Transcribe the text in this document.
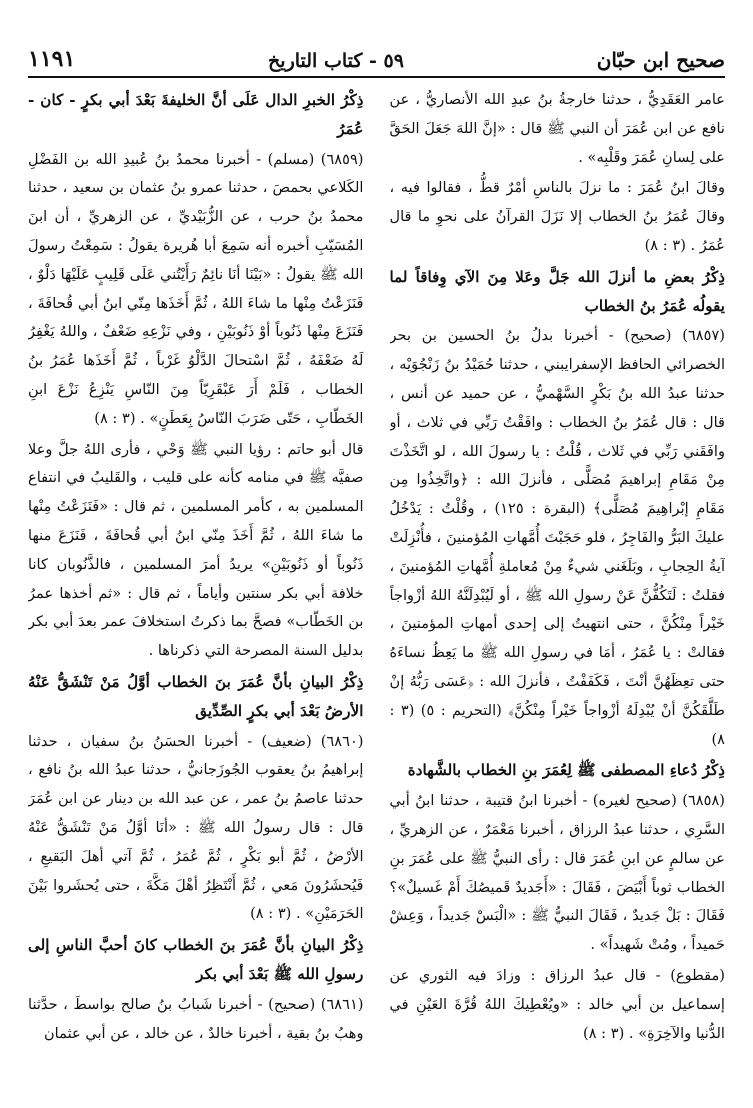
١١٩١	٥٩ - كتاب التاريخ	صحيح ابن حبّان

عامر العَقَدِيُّ ، حدثنا خارجةُ بنُ عبدِ الله الأنصاريُّ ، عن نافع عن ابن عُمَرَ أن النبي ﷺ قال : «إنَّ اللهَ جَعَلَ الحَقَّ على لِسانِ عُمَرَ وقَلْبِه» .

وقالَ ابنُ عُمَرَ : ما نزلَ بالناسِ أمْرٌ قطُّ ، فقالوا فيه ، وقالَ عُمَرُ بنُ الخطاب إلا نَزَلَ القرآنُ على نحوِ ما قال عُمَرُ . (٣ : ٨)

ذِكْرُ بعضِ ما أنزلَ الله جَلَّ وعَلا مِنَ الآي وِفاقاً لما يقولُه عُمَرُ بنُ الخطاب

(٦٨٥٧) (صحيح) - أخبرنا بدلُ بنُ الحسين بن بحر الخصرائي الحافظ الإسفرايبني ، حدثنا حُمَيْدُ بنُ زَنْجُوَيْه ، حدثنا عبدُ الله بنُ بَكْرٍ السَّهْميُّ ، عن حميد عن أنس ، قال : قال عُمَرُ بنُ الخطاب : وافَقْتُ رَبِّي في ثلاث ، أو وافَقَني رَبِّي في ثَلاث ، قُلْتُ : يا رسولَ الله ، لو اتَّخَذْتَ مِنْ مَقَامِ إبراهيمَ مُصَلًّى ، فأنزلَ الله : ﴿واتَّخِذُوا مِن مَقَامِ إبْراهِيمَ مُصَلًّى﴾ (البقرة : ١٢٥) ، وقُلْتُ : يَدْخُلُ عليكَ البَرُّ والفَاجِرُ ، فلو حَجَبْتَ أُمَّهاتِ المُؤمنينَ ، فأُنْزِلَتْ آيةُ الحِجابِ ، وبَلَغَني شيءٌ مِنْ مُعاملةِ أُمَّهاتِ المُؤمنينَ ، فقلتُ : لَتَكُفُّنَّ عَنْ رسولِ الله ﷺ ، أو لَيُبْدِلَنَّهُ اللهُ أزْواجاً خَيْراً مِنْكُنَّ ، حتى انتهيتُ إلى إحدى أمهاتِ المؤمنينَ ، فقالتْ : يا عُمَرُ ، أمَا في رسولِ الله ﷺ ما يَعِظُ نساءَهُ حتى تعِظَهُنَّ أنْتَ ، فَكَفَفْتُ ، فأنزلَ الله : ﴿عَسَى رَبُّهُ إنْ طَلَّقَكُنَّ أنْ يُبْدِلَهُ أزْواجاً خَيْراً مِنْكُنَّ﴾ (التحريم : ٥) (٣ : ٨)

ذِكْرُ دُعاءِ المصطفى ﷺ لِعُمَرَ بنِ الخطاب بالشَّهادة

(٦٨٥٨) (صحيح لغيره) - أخبرنا ابنُ قتيبة ، حدثنا ابنُ أبي السَّرِي ، حدثنا عبدُ الرزاق ، أخبرنا مَعْمَرٌ ، عن الزهريِّ ، عن سالمٍ عن ابنِ عُمَرَ قال : رأى النبيُّ ﷺ على عُمَرَ بنِ الخطاب ثوباً أَبْيَضَ ، فَقَالَ : «أَجَديدٌ قَميصُكَ أَمْ غَسيلٌ»؟ فَقَالَ : بَلْ جَديدٌ ، فَقَالَ النبيُّ ﷺ : «الْبَسْ جَديداً ، وَعِشْ حَميداً ، ومُتْ شَهيداً» .

(مقطوع) - قال عبدُ الرزاق : وزادَ فيه الثوري عن إسماعيل بن أبي خالد : «ويُعْطِيكَ اللهُ قُرَّةَ العَيْنِ في الدُّنيا والآخِرَةِ» . (٣ : ٨)

ذِكْرُ الخبرِ الدال عَلَى أنَّ الخليفةَ بَعْدَ أبي بكرٍ - كان - عُمَرُ

(٦٨٥٩) (مسلم) - أخبرنا محمدُ بنُ عُبيدِ الله بن الفَضْلِ الكَلاعي بحمصَ ، حدثنا عمرو بنُ عثمان بن سعيد ، حدثنا محمدُ بنُ حرب ، عن الزُّبَيْديِّ ، عن الزهريِّ ، أن ابنَ المُسَيّبِ أخبره أنه سَمِعَ أبا هُريرة يقولُ : سَمِعْتُ رسولَ الله ﷺ يقولُ : «بَيْنَا أنَا نائِمٌ رَأَيْتُني عَلَى قَلِيبٍ عَلَيْهَا دَلْوٌ ، فَنَزَعْتُ مِنْها ما شاءَ اللهُ ، ثُمَّ أَخَذَها مِنّي ابنُ أبي قُحافَةَ ، فَنَزَعَ مِنْها ذَنُوباً أوْ ذَنُوبَيْنِ ، وفي نَزْعِهِ ضَعْفٌ ، واللهُ يَغْفِرُ لَهُ ضَعْفَهُ ، ثُمَّ اسْتحالَ الدَّلْوُ غَرْباً ، ثُمَّ أَخَذَها عُمَرُ بنُ الخطاب ، فَلَمْ أَرَ عَبْقَرِيّاً مِنَ النّاسِ يَنْزِعُ نَزْعَ ابنِ الخَطّابِ ، حَتّى ضَرَبَ النّاسُ بِعَطَنٍ» . (٣ : ٨)

قال أبو حاتم : رؤيا النبي ﷺ وَحْي ، فأرى اللهُ جلَّ وعلا صفيَّه ﷺ في منامه كأنه على قليب ، والقَليبُ في انتفاع المسلمين به ، كأمر المسلمين ، ثم قال : «فَنَزَعْتُ مِنْها ما شاءَ اللهُ ، ثُمَّ أَخَذَ مِنّي ابنُ أبي قُحافَةَ ، فَنَزَعَ منها ذَنُوباً أو ذَنُوبَيْنِ» يريدُ أمرَ المسلمين ، فالذَّنُوبان كانا خلافة أبي بكر سنتين وأياماً ، ثم قال : «ثم أخذها عمرُ بن الخَطّاب» فصحَّ بما ذكرتُ استخلافَ عمر بعدَ أبي بكر بدليل السنة المصرحة التي ذكرناها .

ذِكْرُ البيانِ بأنَّ عُمَرَ بنَ الخطاب أوَّلُ مَنْ تَنْشَقُّ عَنْهُ الأرضُ بَعْدَ أبي بكرٍ الصِّدِّيق

(٦٨٦٠) (ضعيف) - أخبرنا الحسَنُ بنُ سفيان ، حدثنا إبراهيمُ بنُ يعقوب الجُوزَجانيُّ ، حدثنا عبدُ الله بنُ نافع ، حدثنا عاصمُ بنُ عمر ، عن عبد الله بن دينار عن ابن عُمَرَ قال : قال رسولُ الله ﷺ : «أنَا أوَّلُ مَنْ تَنْشَقُّ عَنْهُ الأرْضُ ، ثُمَّ أبو بَكْرٍ ، ثُمَّ عُمَرُ ، ثُمَّ آتي أهلَ البَقيعِ ، فَيُحشَرُونَ مَعي ، ثُمَّ أَنْتَظِرُ أهْلَ مَكَّةَ ، حتى يُحشَروا بَيْنَ الحَرَمَيْنِ» . (٣ : ٨)

ذِكْرُ البيانِ بأنَّ عُمَرَ بنَ الخطاب كانَ أحبَّ الناسِ إلى رسولِ الله ﷺ بَعْدَ أبي بكر

(٦٨٦١) (صحيح) - أخبرنا شَبابُ بنُ صالح بواسطَ ، حدَّثنا وهبُ بنُ بقية ، أخبرنا خالدٌ ، عن خالد ، عن أبي عثمان
